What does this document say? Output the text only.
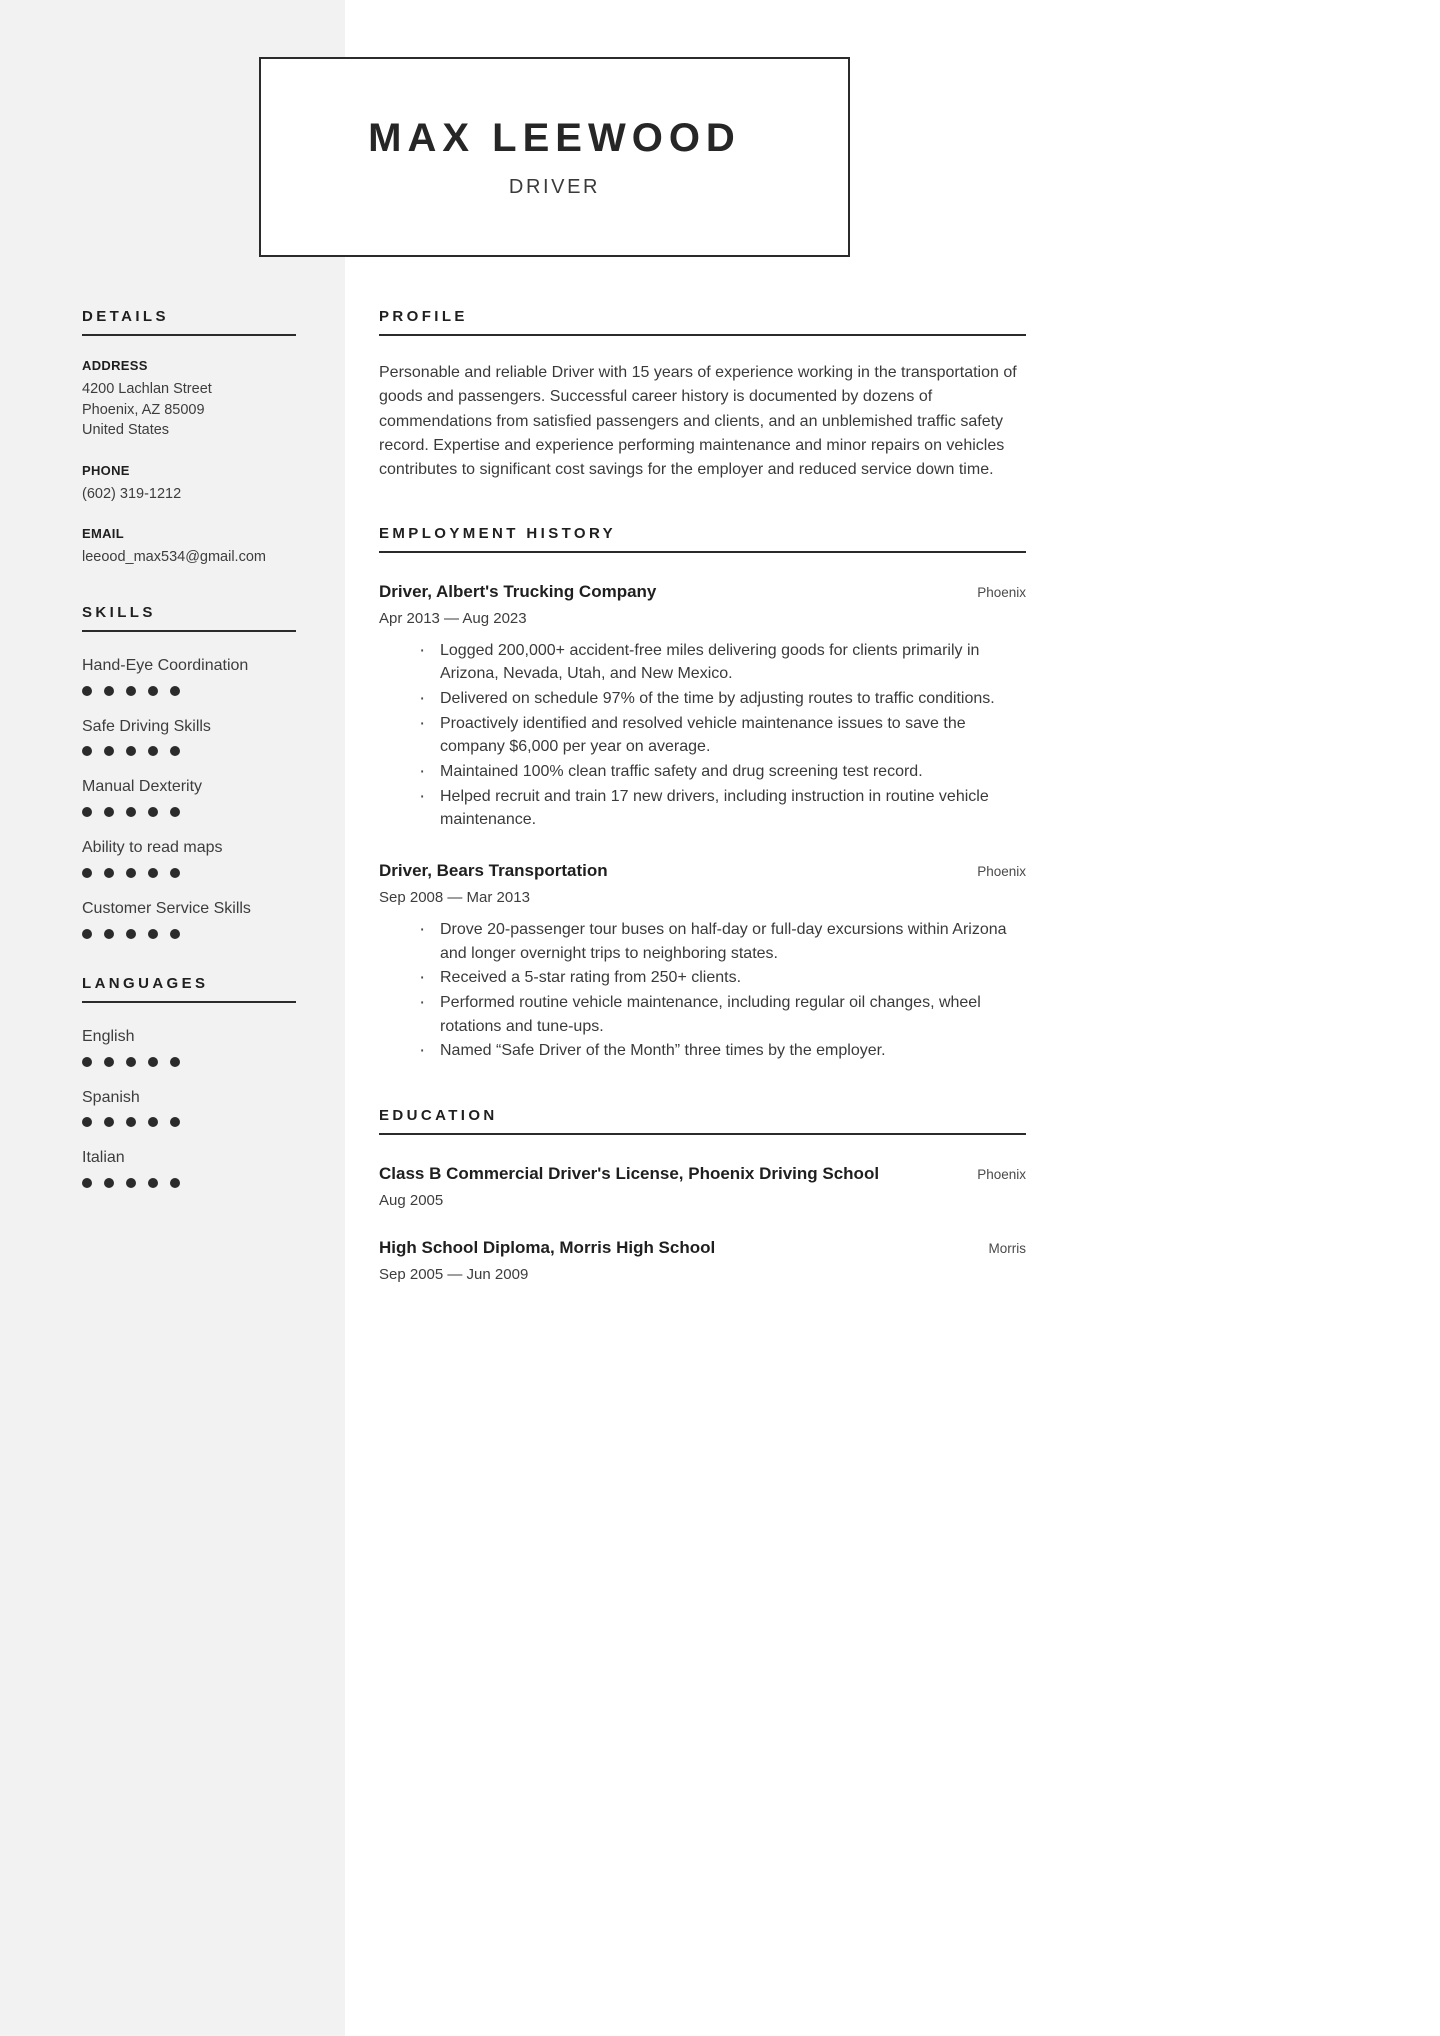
MAX LEEWOOD
DRIVER
DETAILS
ADDRESS
4200 Lachlan Street
Phoenix, AZ 85009
United States
PHONE
(602) 319-1212
EMAIL
leeood_max534@gmail.com
SKILLS
Hand-Eye Coordination
Safe Driving Skills
Manual Dexterity
Ability to read maps
Customer Service Skills
LANGUAGES
English
Spanish
Italian
PROFILE

Personable and reliable Driver with 15 years of experience working in the transportation of goods and passengers. Successful career history is documented by dozens of commendations from satisfied passengers and clients, and an unblemished traffic safety record. Expertise and experience performing maintenance and minor repairs on vehicles contributes to significant cost savings for the employer and reduced service down time.

EMPLOYMENT HISTORY
Driver, Albert's Trucking Company	Phoenix
Apr 2013 — Aug 2023
· Logged 200,000+ accident-free miles delivering goods for clients primarily in Arizona, Nevada, Utah, and New Mexico.
· Delivered on schedule 97% of the time by adjusting routes to traffic conditions.
· Proactively identified and resolved vehicle maintenance issues to save the company $6,000 per year on average.
· Maintained 100% clean traffic safety and drug screening test record.
· Helped recruit and train 17 new drivers, including instruction in routine vehicle maintenance.
Driver, Bears Transportation	Phoenix
Sep 2008 — Mar 2013
· Drove 20-passenger tour buses on half-day or full-day excursions within Arizona and longer overnight trips to neighboring states.
· Received a 5-star rating from 250+ clients.
· Performed routine vehicle maintenance, including regular oil changes, wheel rotations and tune-ups.
· Named “Safe Driver of the Month” three times by the employer.
EDUCATION
Class B Commercial Driver's License, Phoenix Driving School	Phoenix
Aug 2005
High School Diploma, Morris High School	Morris
Sep 2005 — Jun 2009
